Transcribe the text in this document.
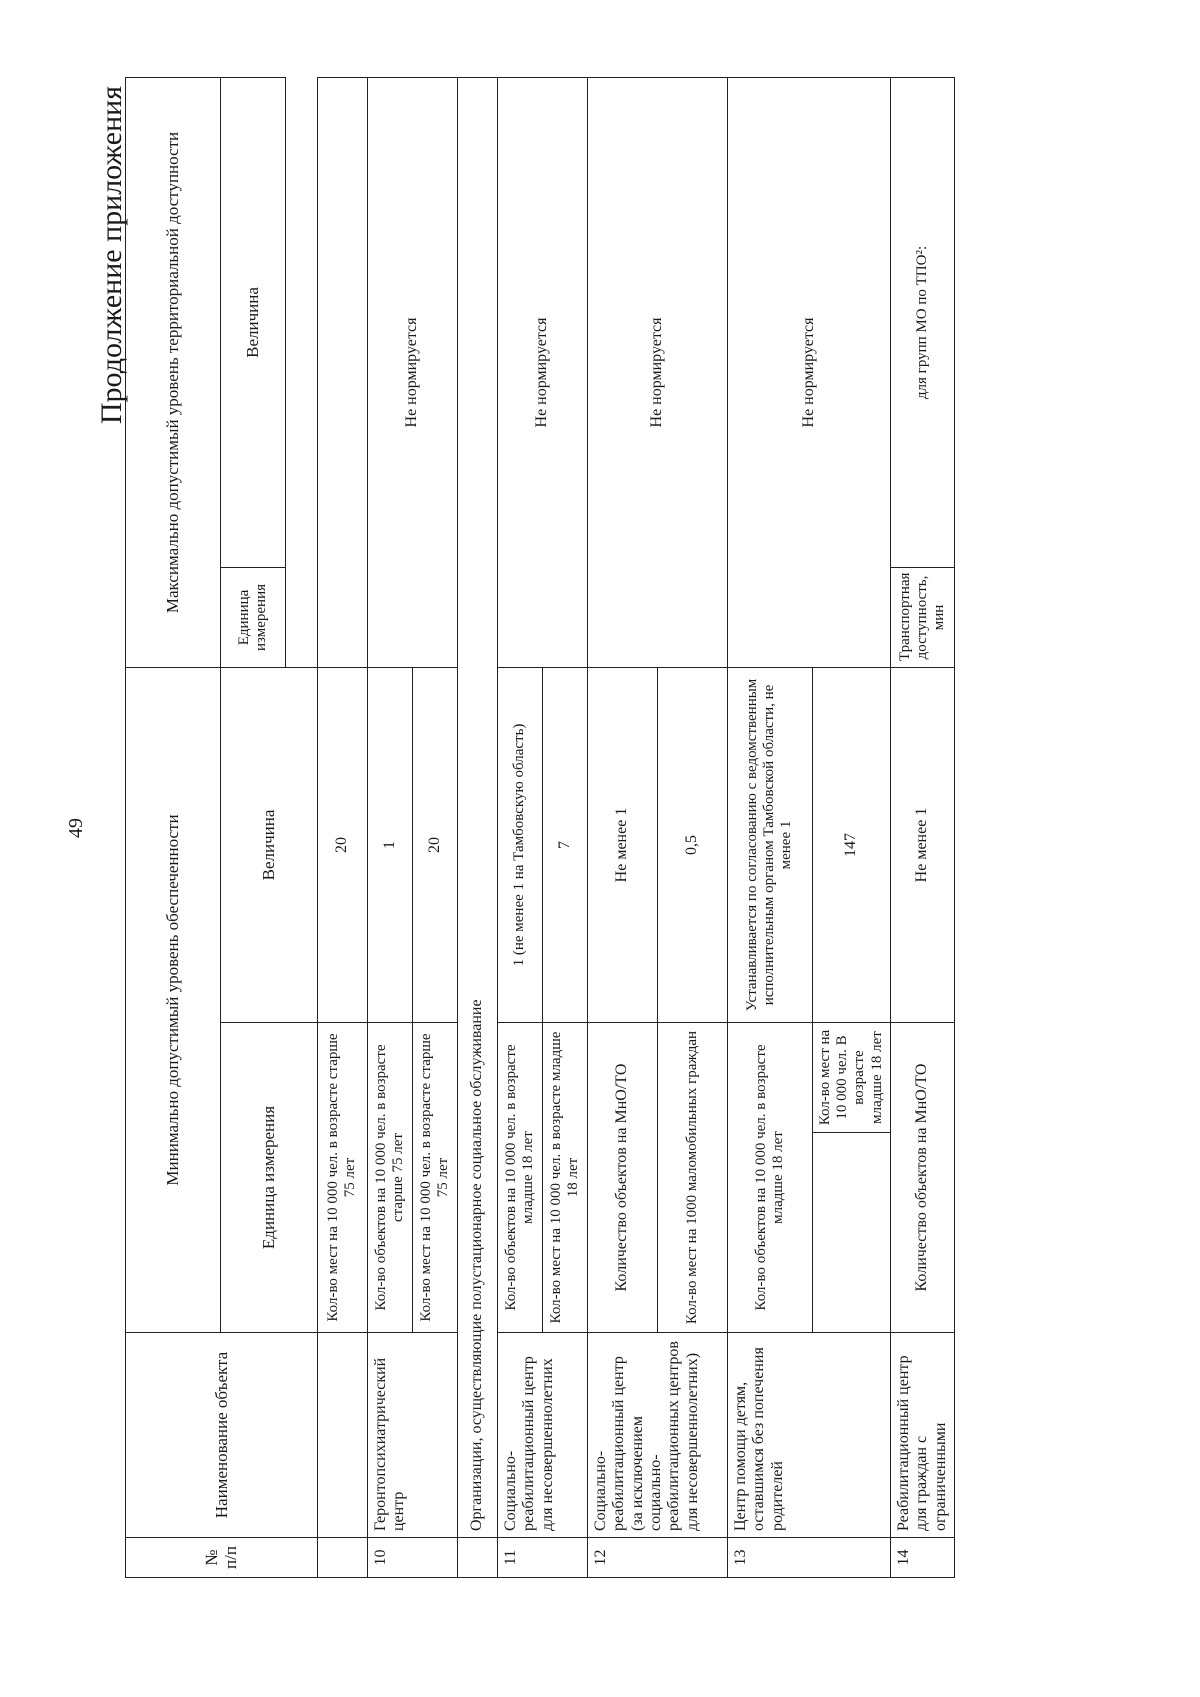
49
Продолжение приложения
№ п/п	Наименование объекта	Минимально допустимый уровень обеспеченности			Максимально допустимый уровень территориальной доступности	
		Единица измерения		Величина	Единица измерения	Величина

		Кол-во мест на 10 000 чел. в возрасте старше 75 лет		20		
10	Геронтопсихиатрический центр	Кол-во объектов на 10 000 чел. в возрасте старше 75 лет		1	Не нормируется	
		Кол-во мест на 10 000 чел. в возрасте старше 75 лет		20		
	Организации, осуществляющие полустационарное социальное обслуживание					
11	Социально-реабилитационный центр для несовершеннолетних	Кол-во объектов на 10 000 чел. в возрасте младше 18 лет		1 (не менее 1 на Тамбовскую область)	Не нормируется	
		Кол-во мест на 10 000 чел. в возрасте младше 18 лет		7		
12	Социально-реабилитационный центр (за исключением социально-реабилитационных центров для несовершеннолетних)	Количество объектов на МнО/ТО		Не менее 1	Не нормируется	
		Кол-во мест на 1000 маломобильных граждан		0,5		
13	Центр помощи детям, оставшимся без попечения родителей	Кол-во объектов на 10 000 чел. в возрасте младше 18 лет		Устанавливается по согласованию с ведомственным исполнительным органом Тамбовской области, не менее 1	Не нормируется	
			Кол-во мест на 10 000 чел. В возрасте младше 18 лет	147		
14	Реабилитационный центр для граждан с ограниченными	Количество объектов на МнО/ТО		Не менее 1	Транспортная доступность, мин	для групп МО по ТПО²:
